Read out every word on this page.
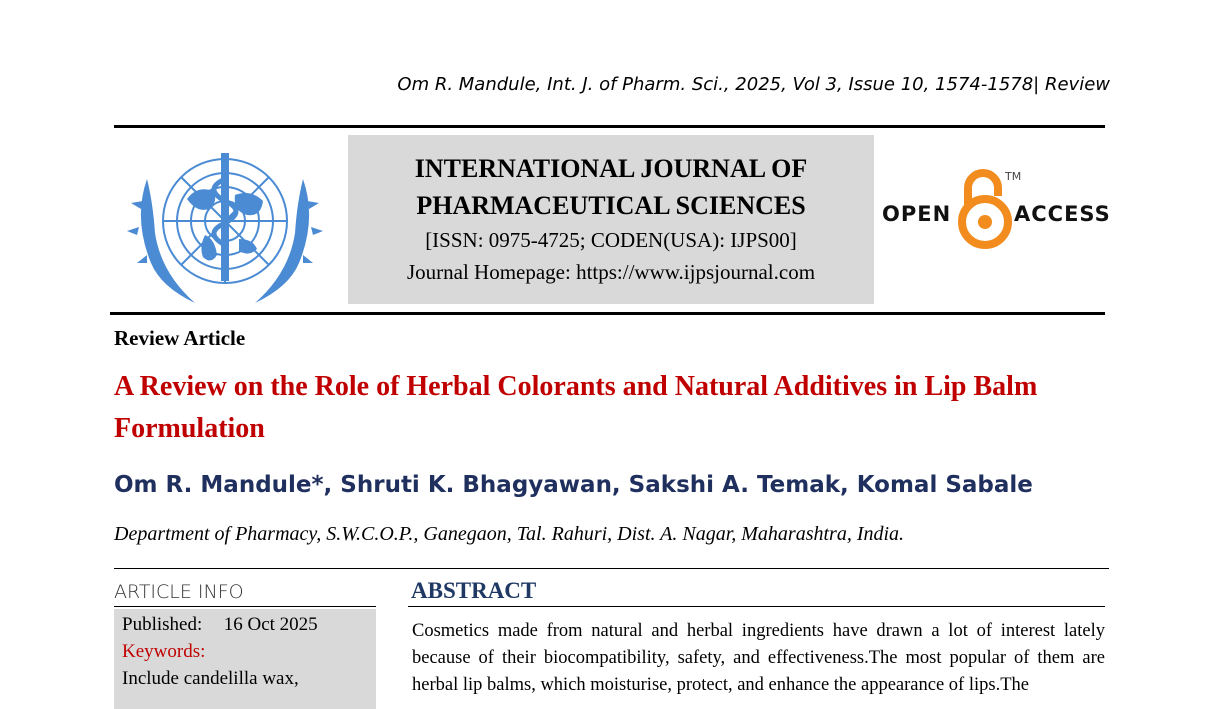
Om R. Mandule, Int. J. of Pharm. Sci., 2025, Vol 3, Issue 10, 1574-1578| Review
INTERNATIONAL JOURNAL OF
PHARMACEUTICAL SCIENCES
[ISSN: 0975-4725; CODEN(USA): IJPS00]
Journal Homepage: https://www.ijpsjournal.com
OPEN
TM
ACCESS
Review Article
A Review on the Role of Herbal Colorants and Natural Additives in Lip Balm Formulation
Om R. Mandule*, Shruti K. Bhagyawan, Sakshi A. Temak, Komal Sabale
Department of Pharmacy, S.W.C.O.P., Ganegaon, Tal. Rahuri, Dist. A. Nagar, Maharashtra, India.
ARTICLE INFO
Published: 16 Oct 2025
Keywords:
Include candelilla wax,
ABSTRACT
Cosmetics made from natural and herbal ingredients have drawn a lot of interest lately because of their biocompatibility, safety, and effectiveness.The most popular of them are herbal lip balms, which moisturise, protect, and enhance the appearance of lips.The
